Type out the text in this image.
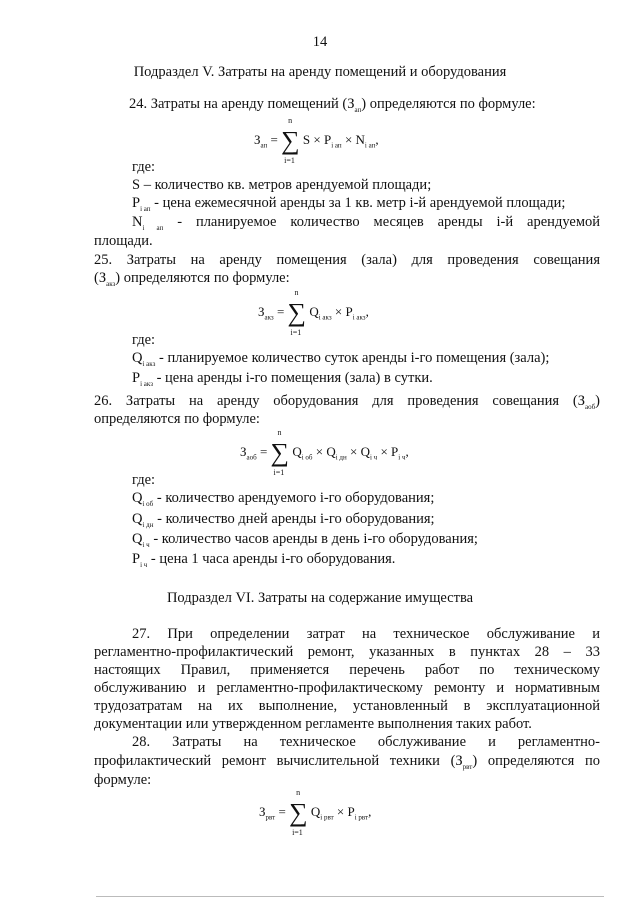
14
Подраздел V. Затраты на аренду помещений и оборудования
24. Затраты на аренду помещений $(З_{ап})$ определяются по формуле:
$З_{ап}$ = ∑
n
i=1
$S \times P_{i ап} \times N_{i ап}$,
где:
S – количество кв. метров арендуемой площади;
$P_{i ап}$ - цена ежемесячной аренды за 1 кв. метр i-й арендуемой площади;
$N_{i ап}$ - планируемое количество месяцев аренды i-й арендуемой
площади.
25. Затраты на аренду помещения (зала) для проведения совещания
$(З_{акз})$ определяются по формуле:
$З_{акз}$ = ∑
n
i=1
$Q_{i акз} \times P_{i акз}$,
где:
$Q_{i акз}$ - планируемое количество суток аренды i-го помещения (зала);
$P_{i акз}$ - цена аренды i-го помещения (зала) в сутки.
26. Затраты на аренду оборудования для проведения совещания $(З_{аоб})$
определяются по формуле:
$З_{аоб}$ = ∑
n
i=1
$Q_{i об} \times Q_{i дн} \times Q_{i ч} \times P_{i ч}$,
где:
$Q_{i об}$ - количество арендуемого i-го оборудования;
$Q_{i дн}$ - количество дней аренды i-го оборудования;
$Q_{i ч}$ - количество часов аренды в день i-го оборудования;
$P_{i ч}$ - цена 1 часа аренды i-го оборудования.
Подраздел VI. Затраты на содержание имущества
27. При определении затрат на техническое обслуживание и
регламентно-профилактический ремонт, указанных в пунктах 28 – 33
настоящих Правил, применяется перечень работ по техническому
обслуживанию и регламентно-профилактическому ремонту и нормативным
трудозатратам на их выполнение, установленный в эксплуатационной
документации или утвержденном регламенте выполнения таких работ.
28. Затраты на техническое обслуживание и регламентно-
профилактический ремонт вычислительной техники $(З_{рвт})$ определяются по
формуле:
$З_{рвт}$ = ∑
n
i=1
$Q_{i рвт} \times P_{i рвт}$,
